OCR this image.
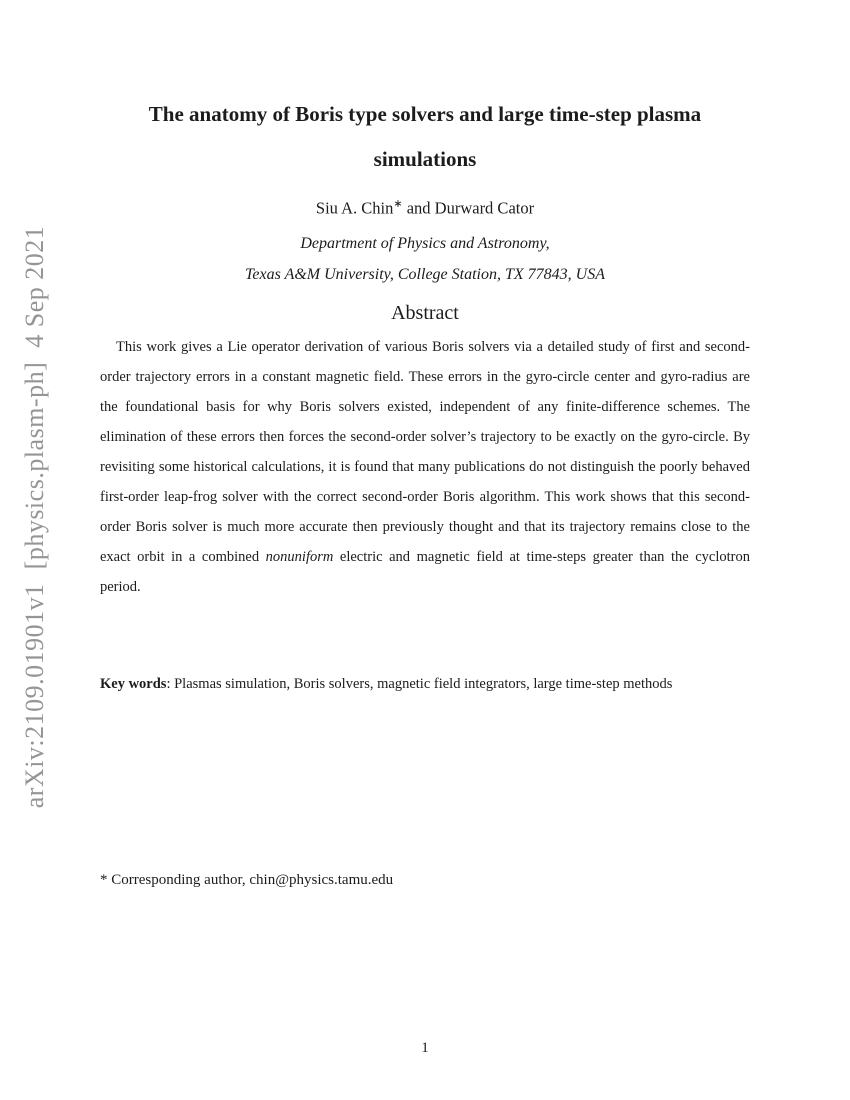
arXiv:2109.01901v1  [physics.plasm-ph]  4 Sep 2021
The anatomy of Boris type solvers and large time-step plasma
simulations
Siu A. Chin∗ and Durward Cator
Department of Physics and Astronomy,
Texas A&M University, College Station, TX 77843, USA
Abstract
This work gives a Lie operator derivation of various Boris solvers via a detailed study of first and second-order trajectory errors in a constant magnetic field. These errors in the gyro-circle center and gyro-radius are the foundational basis for why Boris solvers existed, independent of any finite-difference schemes. The elimination of these errors then forces the second-order solver’s trajectory to be exactly on the gyro-circle. By revisiting some historical calculations, it is found that many publications do not distinguish the poorly behaved first-order leap-frog solver with the correct second-order Boris algorithm. This work shows that this second-order Boris solver is much more accurate then previously thought and that its trajectory remains close to the exact orbit in a combined nonuniform electric and magnetic field at time-steps greater than the cyclotron period.
Key words: Plasmas simulation, Boris solvers, magnetic field integrators, large time-step methods
* Corresponding author, chin@physics.tamu.edu
1
